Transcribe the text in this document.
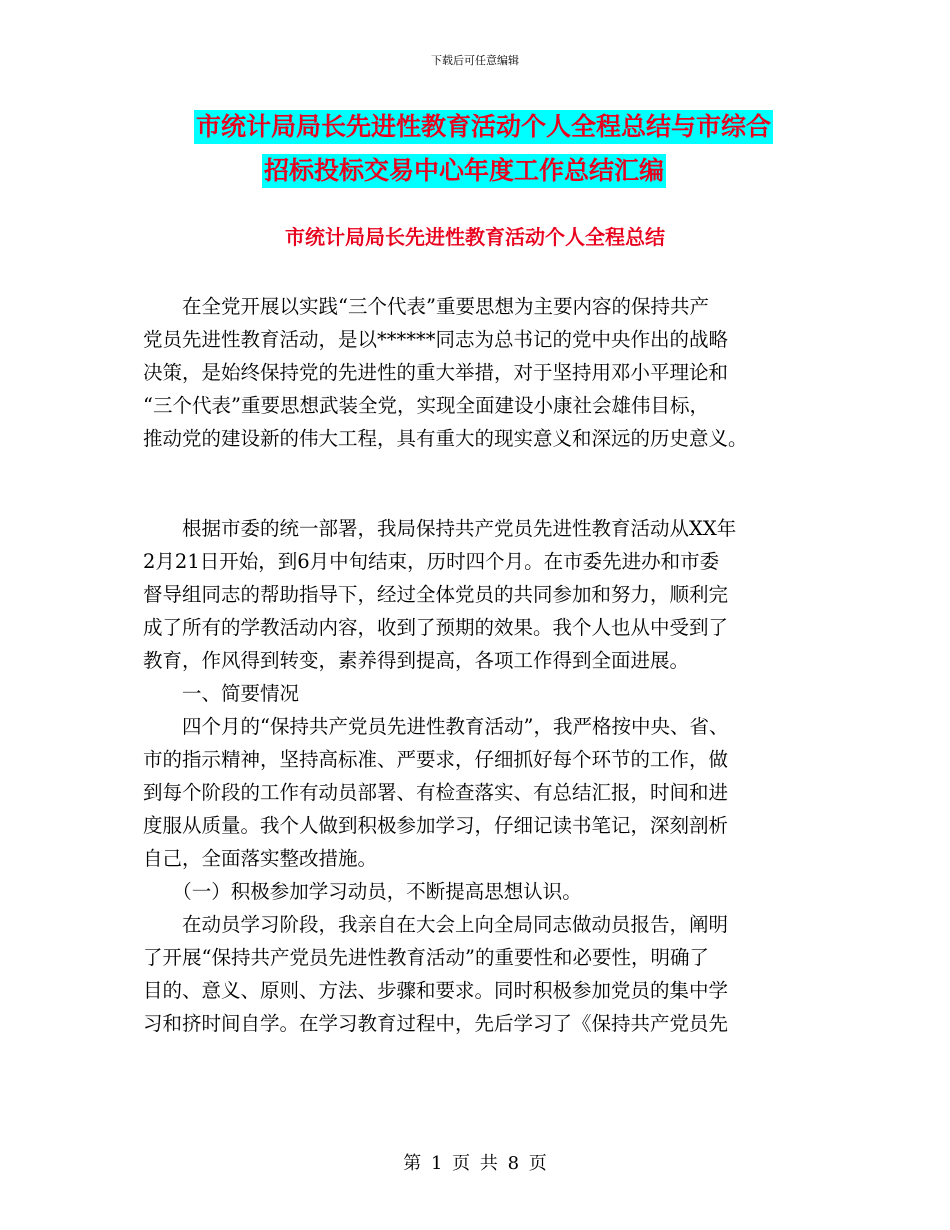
下载后可任意编辑
市统计局局长先进性教育活动个人全程总结与市综合
招标投标交易中心年度工作总结汇编
市统计局局长先进性教育活动个人全程总结
　　在全党开展以实践“三个代表”重要思想为主要内容的保持共产
党员先进性教育活动，是以******同志为总书记的党中央作出的战略
决策，是始终保持党的先进性的重大举措，对于坚持用邓小平理论和
“三个代表”重要思想武装全党，实现全面建设小康社会雄伟目标，
推动党的建设新的伟大工程，具有重大的现实意义和深远的历史意义。
　　根据市委的统一部署，我局保持共产党员先进性教育活动从XX年
2月21日开始，到6月中旬结束，历时四个月。在市委先进办和市委
督导组同志的帮助指导下，经过全体党员的共同参加和努力，顺利完
成了所有的学教活动内容，收到了预期的效果。我个人也从中受到了
教育，作风得到转变，素养得到提高，各项工作得到全面进展。
　　一、简要情况
　　四个月的“保持共产党员先进性教育活动”，我严格按中央、省、
市的指示精神，坚持高标准、严要求，仔细抓好每个环节的工作，做
到每个阶段的工作有动员部署、有检查落实、有总结汇报，时间和进
度服从质量。我个人做到积极参加学习，仔细记读书笔记，深刻剖析
自己，全面落实整改措施。
　　（一）积极参加学习动员，不断提高思想认识。
　　在动员学习阶段，我亲自在大会上向全局同志做动员报告，阐明
了开展“保持共产党员先进性教育活动”的重要性和必要性，明确了
目的、意义、原则、方法、步骤和要求。同时积极参加党员的集中学
习和挤时间自学。在学习教育过程中，先后学习了《保持共产党员先
第 1 页 共 8 页
